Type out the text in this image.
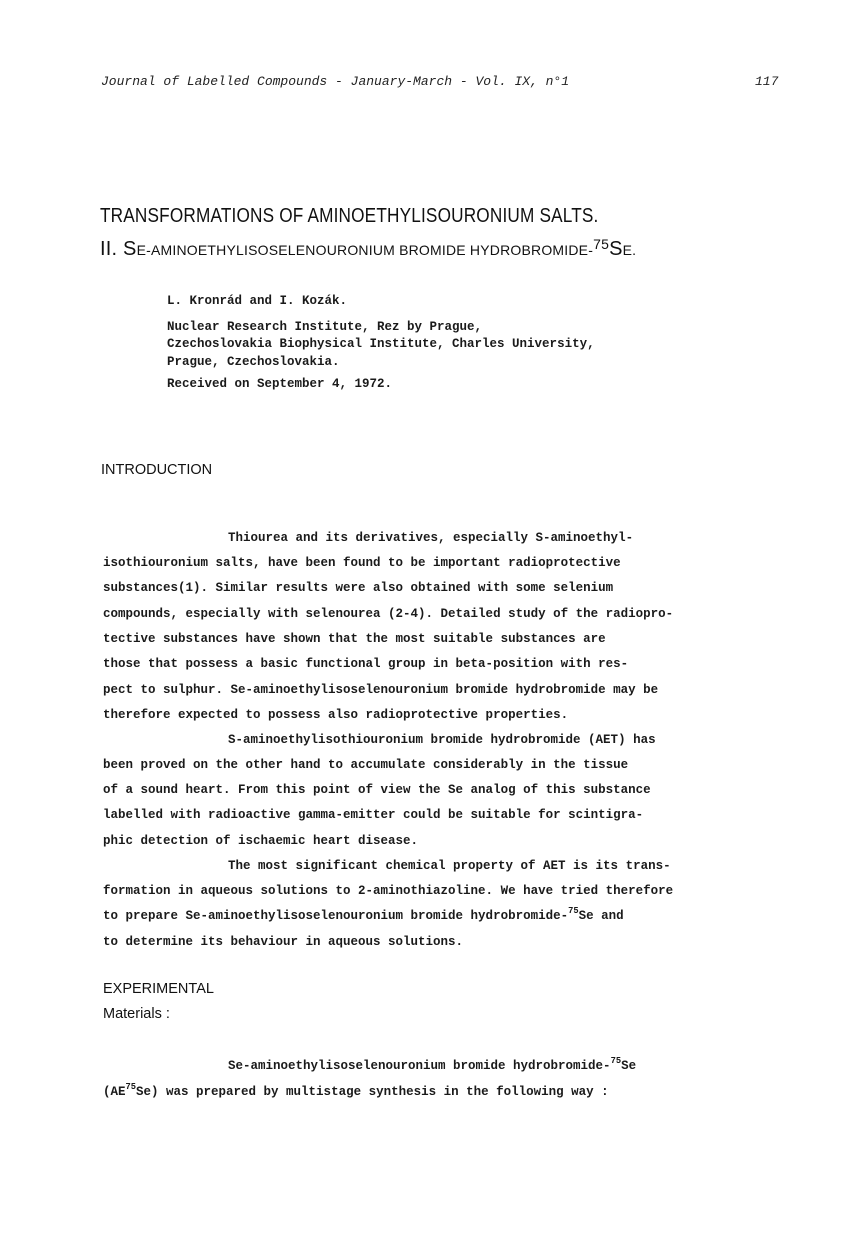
Journal of Labelled Compounds - January-March - Vol. IX, n°1	117
TRANSFORMATIONS OF AMINOETHYLISOURONIUM SALTS.
II. SE-AMINOETHYLISOSELENOURONIUM BROMIDE HYDROBROMIDE-$^{75}$SE.
L. Kronrád and I. Kozák.
Nuclear Research Institute, Rez by Prague,
Czechoslovakia Biophysical Institute, Charles University,
Prague, Czechoslovakia.
Received on September 4, 1972.
INTRODUCTION
Thiourea and its derivatives, especially S-aminoethyl-
isothiouronium salts, have been found to be important radioprotective
substances(1). Similar results were also obtained with some selenium
compounds, especially with selenourea (2-4). Detailed study of the radiopro-
tective substances have shown that the most suitable substances are
those that possess a basic functional group in beta-position with res-
pect to sulphur. Se-aminoethylisoselenouronium bromide hydrobromide may be
therefore expected to possess also radioprotective properties.
S-aminoethylisothiouronium bromide hydrobromide (AET) has
been proved on the other hand to accumulate considerably in the tissue
of a sound heart. From this point of view the Se analog of this substance
labelled with radioactive gamma-emitter could be suitable for scintigra-
phic detection of ischaemic heart disease.
The most significant chemical property of AET is its trans-
formation in aqueous solutions to 2-aminothiazoline. We have tried therefore
to prepare Se-aminoethylisoselenouronium bromide hydrobromide-$^{75}$Se and
to determine its behaviour in aqueous solutions.
EXPERIMENTAL
Materials :
Se-aminoethylisoselenouronium bromide hydrobromide-$^{75}$Se
(AE$^{75}$Se) was prepared by multistage synthesis in the following way :
